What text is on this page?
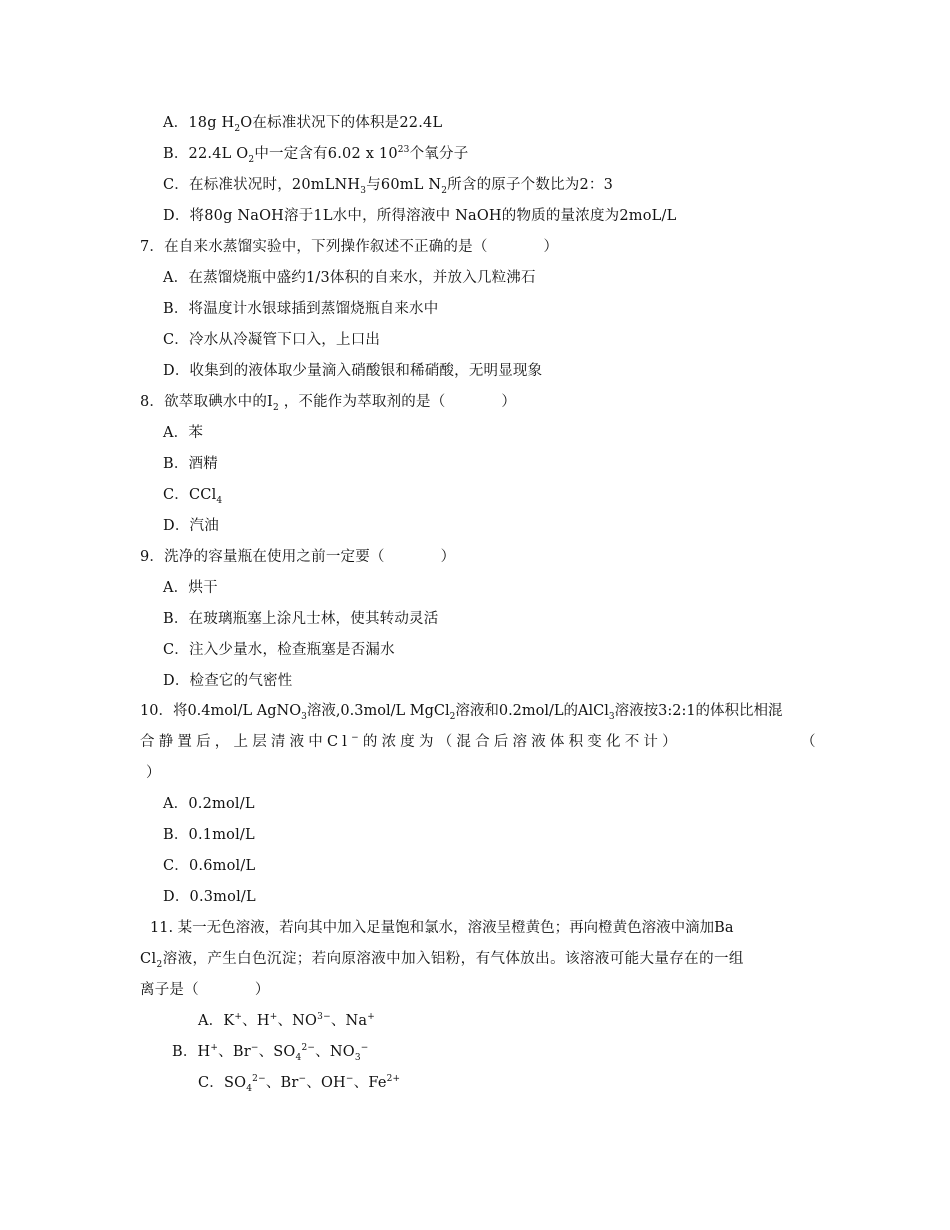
A．18g $H_2O$在标准状况下的体积是22.4L
B．22.4L $O_2$中一定含有6.02 x $10^{23}$个氧分子
C．在标准状况时，20mLNH$_3$与60mL $N_2$所含的原子个数比为2：3
D．将80g NaOH溶于1L水中，所得溶液中 NaOH的物质的量浓度为2moL/L
7．在自来水蒸馏实验中，下列操作叙述不正确的是（	）
A．在蒸馏烧瓶中盛约1/3体积的自来水，并放入几粒沸石
B．将温度计水银球插到蒸馏烧瓶自来水中
C．冷水从冷凝管下口入，上口出
D．收集到的液体取少量滴入硝酸银和稀硝酸，无明显现象
8．欲萃取碘水中的$I_2$ ，不能作为萃取剂的是（	）
A．苯
B．酒精
C．CCl$_4$
D．汽油
9．洗净的容量瓶在使用之前一定要（	）
A．烘干
B．在玻璃瓶塞上涂凡士林，使其转动灵活
C．注入少量水，检查瓶塞是否漏水
D．检查它的气密性
10．将0.4mol/L AgNO$_3$溶液,0.3mol/L MgCl$_2$溶液和0.2mol/L的AlCl$_3$溶液按3:2:1的体积比相混
合静置后，上层清液中Cl−的浓度为（混合后溶液体积变化不计）	（
）
A．0.2mol/L
B．0.1mol/L
C．0.6mol/L
D．0.3mol/L
11. 某一无色溶液，若向其中加入足量饱和氯水，溶液呈橙黄色；再向橙黄色溶液中滴加Ba
$Cl_2$溶液，产生白色沉淀；若向原溶液中加入铝粉，有气体放出。该溶液可能大量存在的一组
离子是（	）
A．K+、H+、$NO^{3-}$、Na+
B．H+、Br−、$SO_4^{2-}$、$NO_3^-$
C．$SO_4^{2-}$、Br−、OH−、$Fe^{2+}$
